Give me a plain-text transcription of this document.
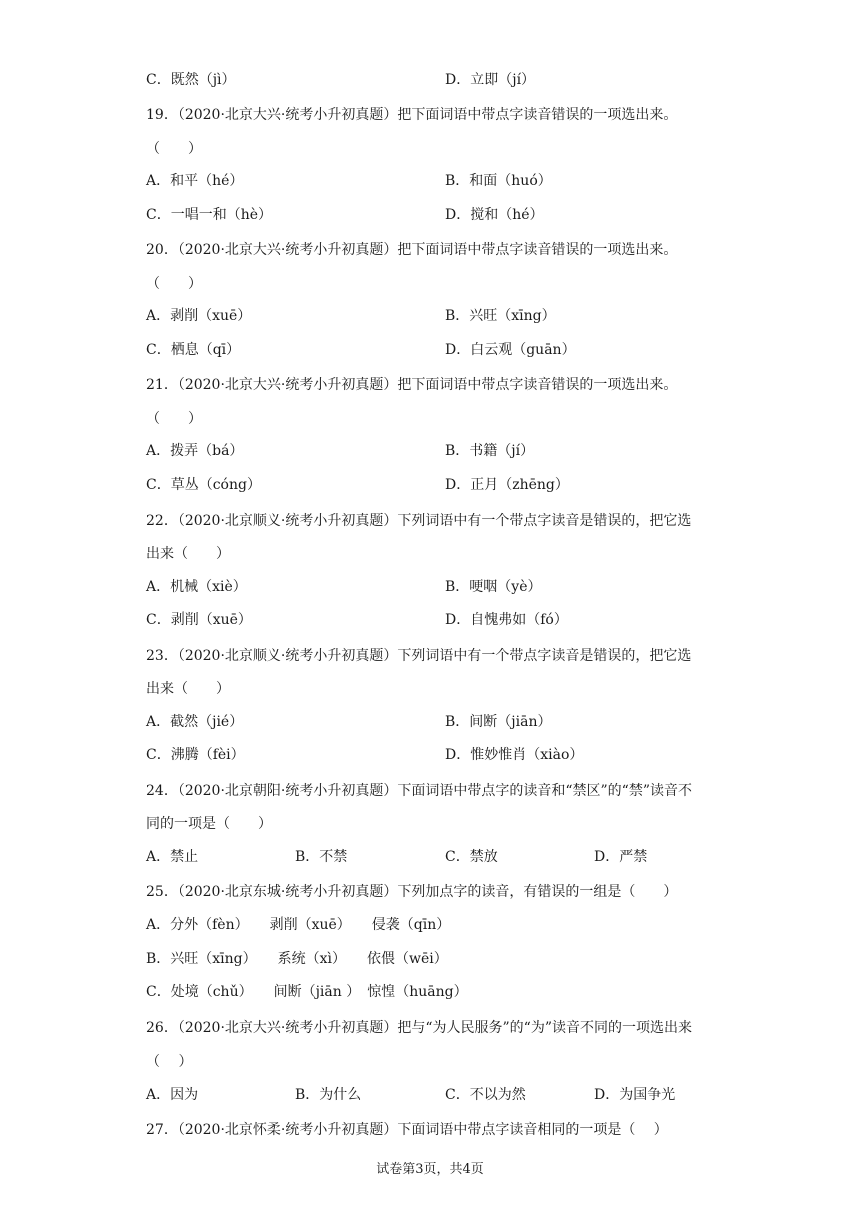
C．既然（jì）	D．立即（jí）
19．（2020·北京大兴·统考小升初真题）把下面词语中带点字读音错误的一项选出来。
（　　）
A．和平（hé）	B．和面（huó）
C．一唱一和（hè）	D．搅和（hé）
20．（2020·北京大兴·统考小升初真题）把下面词语中带点字读音错误的一项选出来。
（　　）
A．剥削（xuē）	B．兴旺（xīng）
C．栖息（qī）	D．白云观（guān）
21．（2020·北京大兴·统考小升初真题）把下面词语中带点字读音错误的一项选出来。
（　　）
A．拨弄（bá）	B．书籍（jí）
C．草丛（cóng）	D．正月（zhēng）
22．（2020·北京顺义·统考小升初真题）下列词语中有一个带点字读音是错误的，把它选
出来（　　）
A．机械（xiè）	B．哽咽（yè）
C．剥削（xuē）	D．自愧弗如（fó）
23．（2020·北京顺义·统考小升初真题）下列词语中有一个带点字读音是错误的，把它选
出来（　　）
A．截然（jié）	B．间断（jiān）
C．沸腾（fèi）	D．惟妙惟肖（xiào）
24．（2020·北京朝阳·统考小升初真题）下面词语中带点字的读音和“禁区”的“禁”读音不
同的一项是（　　）
A．禁止	B．不禁	C．禁放	D．严禁
25．（2020·北京东城·统考小升初真题）下列加点字的读音，有错误的一组是（　　）
A．分外（fèn）　　剥削（xuē）　　侵袭（qīn）
B．兴旺（xīng）　　系统（xì）　　依偎（wēi）
C．处境（chǔ）　　间断（jiān ）　惊惶（huāng）
26．（2020·北京大兴·统考小升初真题）把与“为人民服务”的“为”读音不同的一项选出来
（　 ）
A．因为	B．为什么	C．不以为然	D．为国争光
27．（2020·北京怀柔·统考小升初真题）下面词语中带点字读音相同的一项是（　 ）
试卷第3页，共4页
